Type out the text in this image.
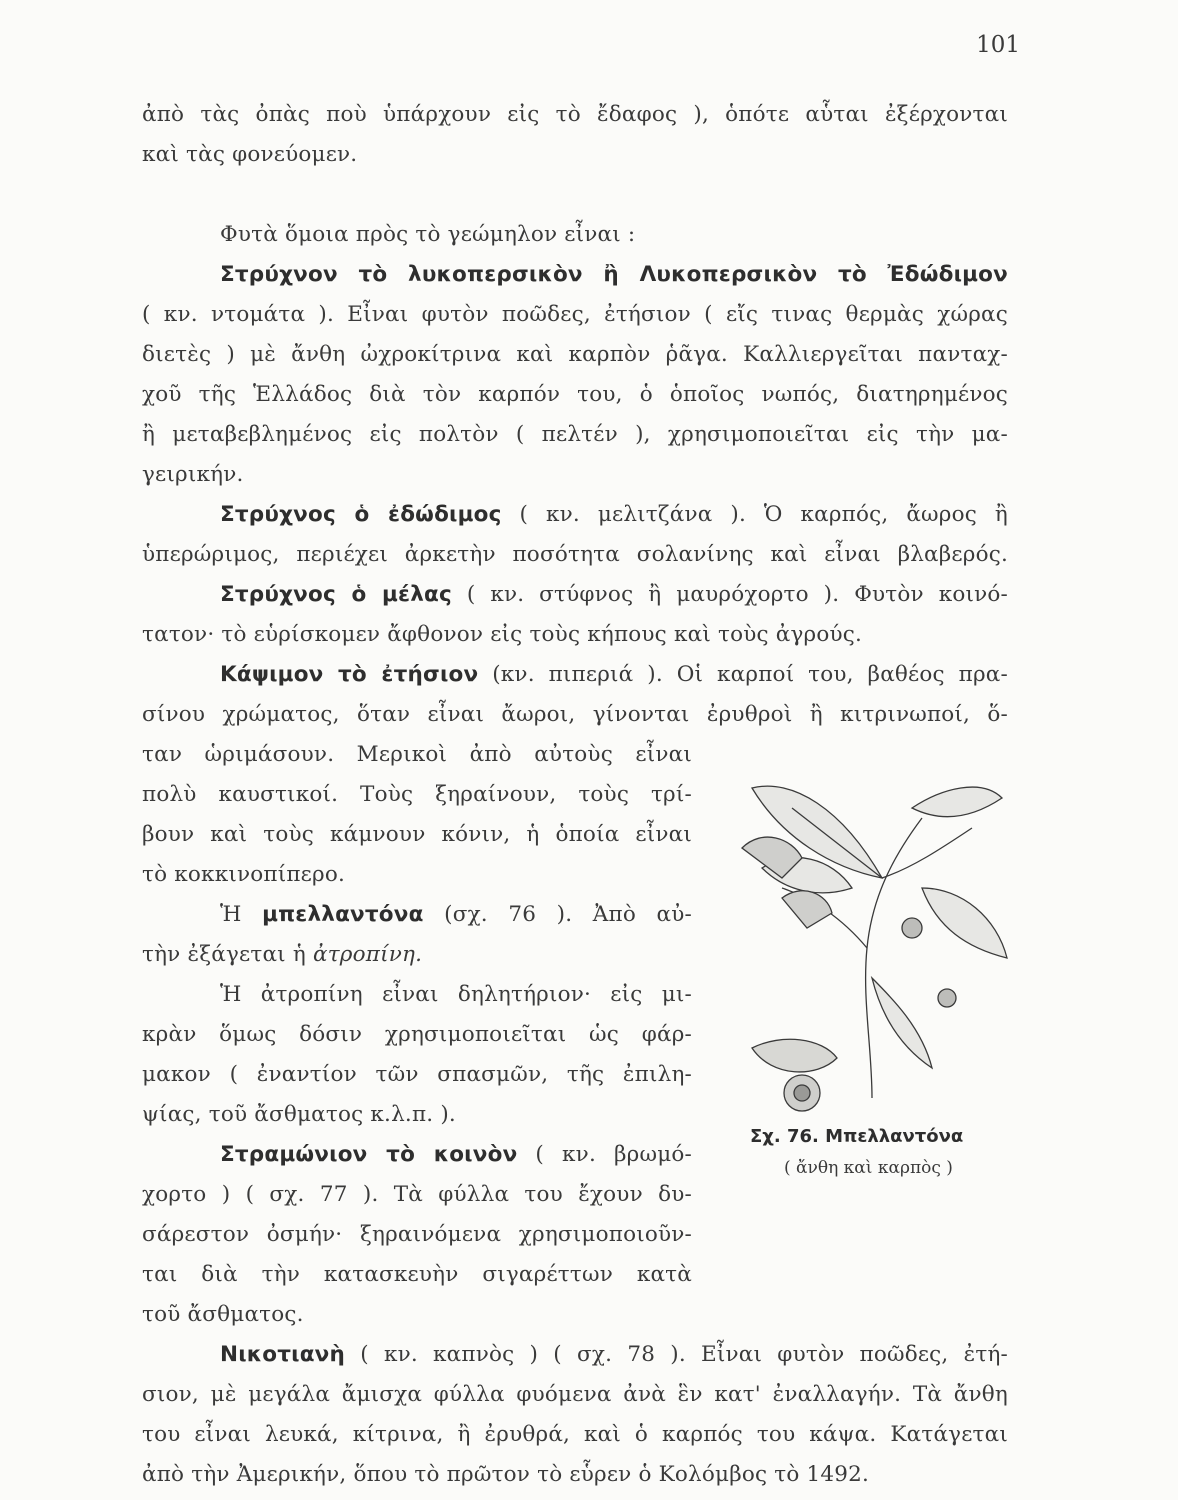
101

ἀπὸ τὰς ὀπὰς ποὺ ὑπάρχουν εἰς τὸ ἔδαφος ), ὁπότε αὗται ἐξέρχονται

καὶ τὰς φονεύομεν.

Φυτὰ ὅμοια πρὸς τὸ γεώμηλον εἶναι :

Στρύχνον τὸ λυκοπερσικὸν ἢ Λυκοπερσικὸν τὸ Ἐδώδιμον

( κν. ντομάτα ). Εἶναι φυτὸν ποῶδες, ἐτήσιον ( εἴς τινας θερμὰς χώρας

διετὲς ) μὲ ἄνθη ὠχροκίτρινα καὶ καρπὸν ῥᾶγα. Καλλιεργεῖται πανταχ-

χοῦ τῆς Ἑλλάδος διὰ τὸν καρπόν του, ὁ ὁποῖος νωπός, διατηρημένος

ἢ μεταβεβλημένος εἰς πολτὸν ( πελτέν ), χρησιμοποιεῖται εἰς τὴν μα-

γειρικήν.

Στρύχνος ὁ ἐδώδιμος ( κν. μελιτζάνα ). Ὁ καρπός, ἄωρος ἢ

ὑπερώριμος, περιέχει ἀρκετὴν ποσότητα σολανίνης καὶ εἶναι βλαβερός.

Στρύχνος ὁ μέλας ( κν. στύφνος ἢ μαυρόχορτο ). Φυτὸν κοινό-

τατον· τὸ εὑρίσκομεν ἄφθονον εἰς τοὺς κήπους καὶ τοὺς ἀγρούς.

Κάψιμον τὸ ἐτήσιον (κν. πιπεριά ). Οἱ καρποί του, βαθέος πρα-

σίνου χρώματος, ὅταν εἶναι ἄωροι, γίνονται ἐρυθροὶ ἢ κιτρινωποί, ὅ-

ταν ὡριμάσουν. Μερικοὶ ἀπὸ αὐτοὺς εἶναι

πολὺ καυστικοί. Τοὺς ξηραίνουν, τοὺς τρί-

βουν καὶ τοὺς κάμνουν κόνιν, ἡ ὁποία εἶναι

τὸ κοκκινοπίπερο.

Ἡ μπελλαντόνα (σχ. 76 ). Ἀπὸ αὐ-

τὴν ἐξάγεται ἡ ἀτροπίνη.

Ἡ ἀτροπίνη εἶναι δηλητήριον· εἰς μι-

κρὰν ὅμως δόσιν χρησιμοποιεῖται ὡς φάρ-

μακον ( ἐναντίον τῶν σπασμῶν, τῆς ἐπιλη-

ψίας, τοῦ ἄσθματος κ.λ.π. ).

Στραμώνιον τὸ κοινὸν ( κν. βρωμό-

χορτο ) ( σχ. 77 ). Τὰ φύλλα του ἔχουν δυ-

σάρεστον ὀσμήν· ξηραινόμενα χρησιμοποιοῦν-

ται διὰ τὴν κατασκευὴν σιγαρέττων κατὰ

τοῦ ἄσθματος.

Νικοτιανὴ ( κν. καπνὸς ) ( σχ. 78 ). Εἶναι φυτὸν ποῶδες, ἐτή-

σιον, μὲ μεγάλα ἄμισχα φύλλα φυόμενα ἀνὰ ἓν κατ' ἐναλλαγήν. Τὰ ἄνθη

του εἶναι λευκά, κίτρινα, ἢ ἐρυθρά, καὶ ὁ καρπός του κάψα. Κατάγεται

ἀπὸ τὴν Ἀμερικήν, ὅπου τὸ πρῶτον τὸ εὗρεν ὁ Κολόμβος τὸ 1492.

Σχ. 76. Μπελλαντόνα
( ἄνθη καὶ καρπὸς )
